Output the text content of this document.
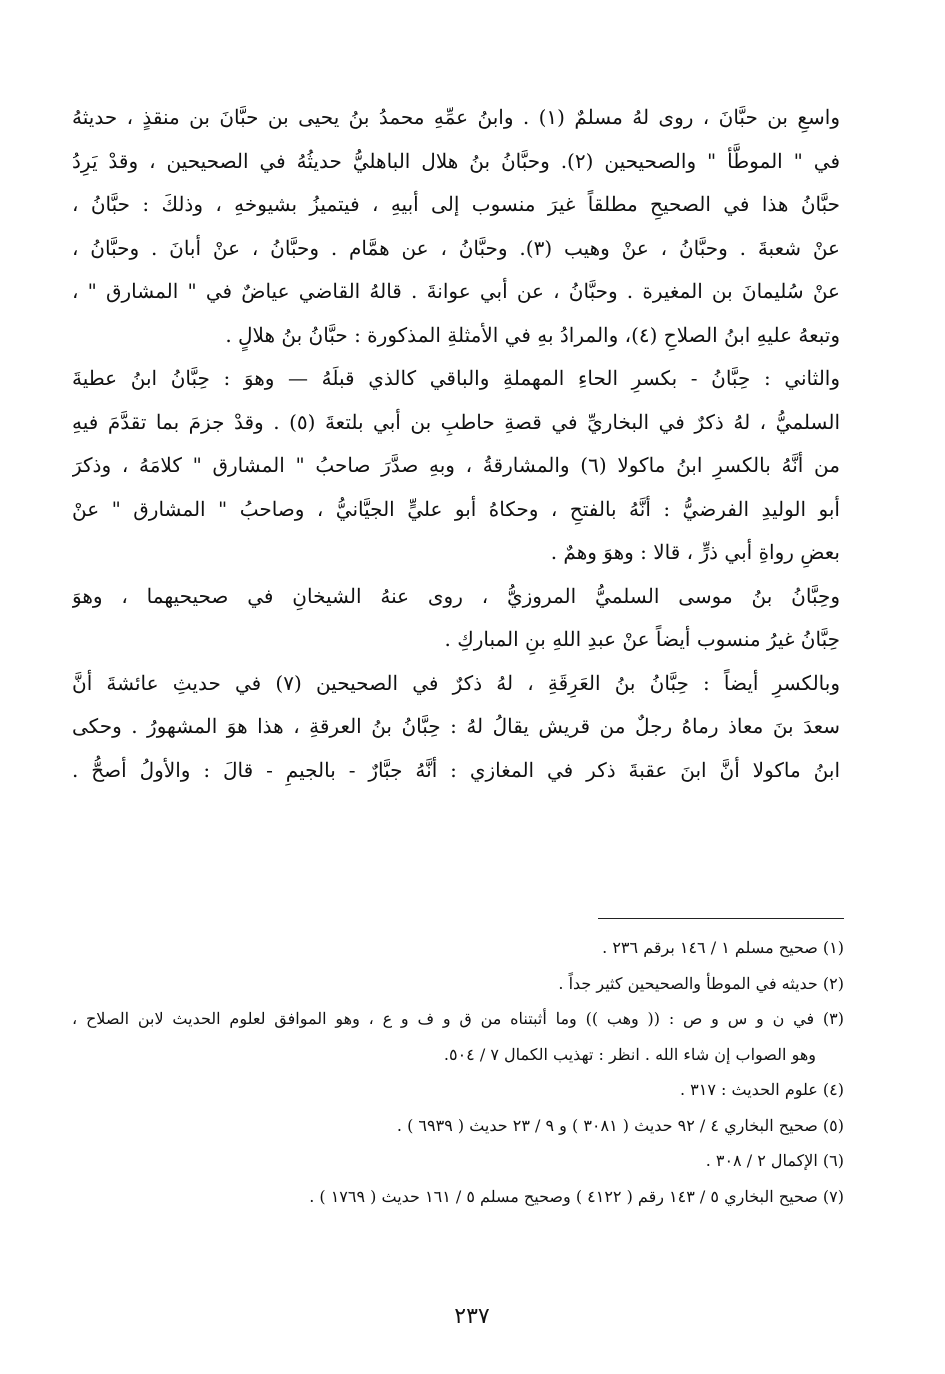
واسعِ بن حبَّانَ ، روى لهُ مسلمٌ (١) . وابنُ عمِّهِ محمدُ بنُ يحيى بن حبَّانَ بن منقذٍ ، حديثهُ
في " الموطَّأ " والصحيحين (٢). وحبَّانُ بنُ هلال الباهليُّ حديثُهُ في الصحيحين ، وقدْ يَرِدُ
حبَّانُ هذا في الصحيحِ مطلقاً غيرَ منسوب إلى أبيهِ ، فيتميزُ بشيوخهِ ، وذلكَ : حبَّانُ ،
عنْ شعبةَ . وحبَّانُ ، عنْ وهيب (٣). وحبَّانُ ، عن همَّام . وحبَّانُ ، عنْ أبانَ . وحبَّانُ ،
عنْ سُليمانَ بن المغيرة . وحبَّانُ ، عن أبي عوانةَ . قالهُ القاضي عياضٌ في " المشارق " ،
وتبعهُ عليهِ ابنُ الصلاحِ (٤)، والمرادُ بهِ في الأمثلةِ المذكورة : حبَّانُ بنُ هلالٍ .
والثاني : حِبَّانُ - بكسرِ الحاءِ المهملةِ والباقي كالذي قبلَهُ — وهوَ : حِبَّانُ ابنُ عطيةَ
السلميُّ ، لهُ ذكرٌ في البخاريِّ في قصةِ حاطبِ بن أبي بلتعةَ (٥) . وقدْ جزمَ بما تقدَّمَ فيهِ
من أنَّهُ بالكسرِ ابنُ ماكولا (٦) والمشارقةُ ، وبهِ صدَّرَ صاحبُ " المشارق " كلامَهُ ، وذكرَ
أبو الوليدِ الفرضيُّ : أنَّهُ بالفتحِ ، وحكاهُ أبو عليٍّ الجيَّانيُّ ، وصاحبُ " المشارق " عنْ
بعضِ رواةِ أبي ذرٍّ ، قالا : وهوَ وهمٌ .
وحِبَّانُ بنُ موسى السلميُّ المروزيُّ ، روى عنهُ الشيخانِ في صحيحيهما ، وهوَ
حِبَّانُ غيرُ منسوب أيضاً عنْ عبدِ اللهِ بنِ المباركِ .
وبالكسرِ أيضاً : حِبَّانُ بنُ العَرِقَةِ ، لهُ ذكرٌ في الصحيحين (٧) في حديثِ عائشةَ أنَّ
سعدَ بنَ معاذ رماهُ رجلٌ من قريش يقالُ لهُ : حِبَّانُ بنُ العرقةِ ، هذا هوَ المشهورُ . وحكى
ابنُ ماكولا أنَّ ابنَ عقبةَ ذكر في المغازي : أنَّهُ جبَّارٌ - بالجيمِ - قالَ : والأولُ أصحُّ .
(١) صحيح مسلم ١ / ١٤٦ برقم ٢٣٦ .
(٢) حديثه في الموطأ والصحيحين كثير جداً .
(٣) في ن و س و ص : (( وهب )) وما أثبتناه من ق و ف و ع ، وهو الموافق لعلوم الحديث لابن الصلاح ،
وهو الصواب إن شاء الله . انظر : تهذيب الكمال ٧ / ٥٠٤.
(٤) علوم الحديث : ٣١٧ .
(٥) صحيح البخاري ٤ / ٩٢ حديث ( ٣٠٨١ ) و ٩ / ٢٣ حديث ( ٦٩٣٩ ) .
(٦) الإكمال ٢ / ٣٠٨ .
(٧) صحيح البخاري ٥ / ١٤٣ رقم ( ٤١٢٢ ) وصحيح مسلم ٥ / ١٦١ حديث ( ١٧٦٩ ) .
٢٣٧
